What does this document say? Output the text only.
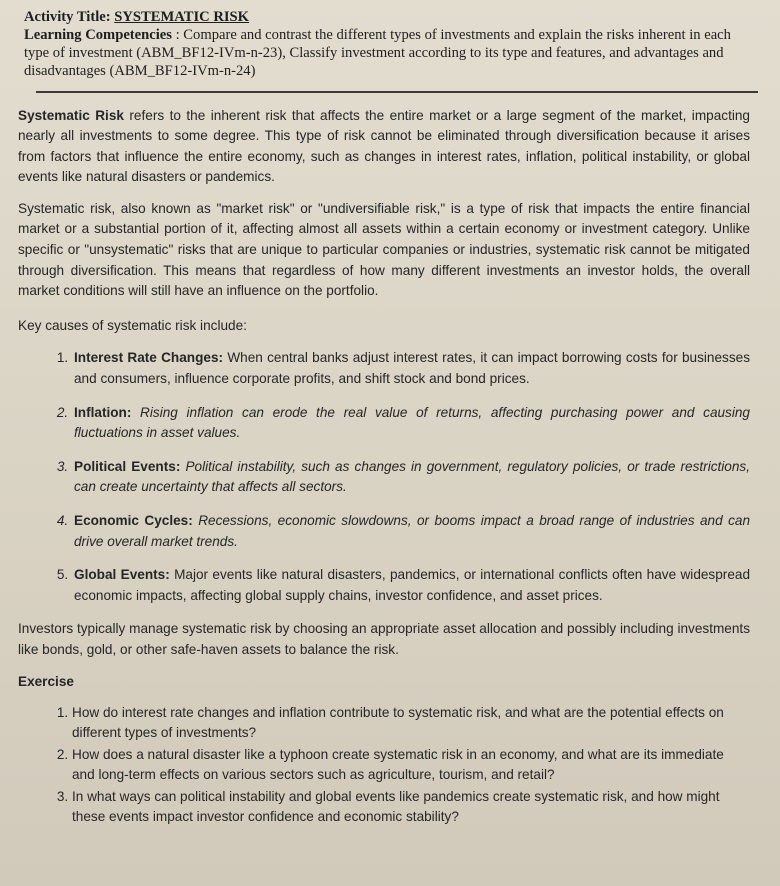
Activity Title: SYSTEMATIC RISK
Learning Competencies : Compare and contrast the different types of investments and explain the risks inherent in each type of investment (ABM_BF12-IVm-n-23), Classify investment according to its type and features, and advantages and disadvantages (ABM_BF12-IVm-n-24)

Systematic Risk refers to the inherent risk that affects the entire market or a large segment of the market, impacting nearly all investments to some degree. This type of risk cannot be eliminated through diversification because it arises from factors that influence the entire economy, such as changes in interest rates, inflation, political instability, or global events like natural disasters or pandemics.

Systematic risk, also known as "market risk" or "undiversifiable risk," is a type of risk that impacts the entire financial market or a substantial portion of it, affecting almost all assets within a certain economy or investment category. Unlike specific or "unsystematic" risks that are unique to particular companies or industries, systematic risk cannot be mitigated through diversification. This means that regardless of how many different investments an investor holds, the overall market conditions will still have an influence on the portfolio.

Key causes of systematic risk include:

1. Interest Rate Changes: When central banks adjust interest rates, it can impact borrowing costs for businesses and consumers, influence corporate profits, and shift stock and bond prices.
2. Inflation: Rising inflation can erode the real value of returns, affecting purchasing power and causing fluctuations in asset values.
3. Political Events: Political instability, such as changes in government, regulatory policies, or trade restrictions, can create uncertainty that affects all sectors.
4. Economic Cycles: Recessions, economic slowdowns, or booms impact a broad range of industries and can drive overall market trends.
5. Global Events: Major events like natural disasters, pandemics, or international conflicts often have widespread economic impacts, affecting global supply chains, investor confidence, and asset prices.

Investors typically manage systematic risk by choosing an appropriate asset allocation and possibly including investments like bonds, gold, or other safe-haven assets to balance the risk.

Exercise

1. How do interest rate changes and inflation contribute to systematic risk, and what are the potential effects on different types of investments?
2. How does a natural disaster like a typhoon create systematic risk in an economy, and what are its immediate and long-term effects on various sectors such as agriculture, tourism, and retail?
3. In what ways can political instability and global events like pandemics create systematic risk, and how might these events impact investor confidence and economic stability?
